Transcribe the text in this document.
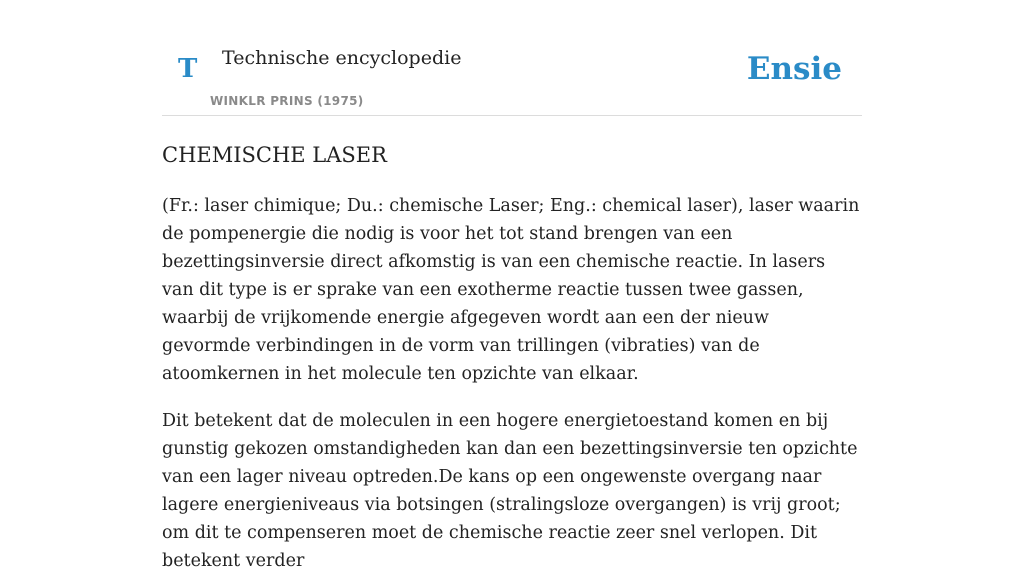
T Technische encyclopedie
WINKLR PRINS (1975)
Ensie
CHEMISCHE LASER

(Fr.: laser chimique; Du.: chemische Laser; Eng.: chemical laser), laser waarin de pompenergie die nodig is voor het tot stand brengen van een bezettingsinversie direct afkomstig is van een chemische reactie. In lasers van dit type is er sprake van een exotherme reactie tussen twee gassen, waarbij de vrijkomende energie afgegeven wordt aan een der nieuw gevormde verbindingen in de vorm van trillingen (vibraties) van de atoomkernen in het molecule ten opzichte van elkaar.

Dit betekent dat de moleculen in een hogere energietoestand komen en bij gunstig gekozen omstandigheden kan dan een bezettingsinversie ten opzichte van een lager niveau optreden.De kans op een ongewenste overgang naar lagere energieniveaus via botsingen (stralingsloze overgangen) is vrij groot; om dit te compenseren moet de chemische reactie zeer snel verlopen. Dit betekent verder
